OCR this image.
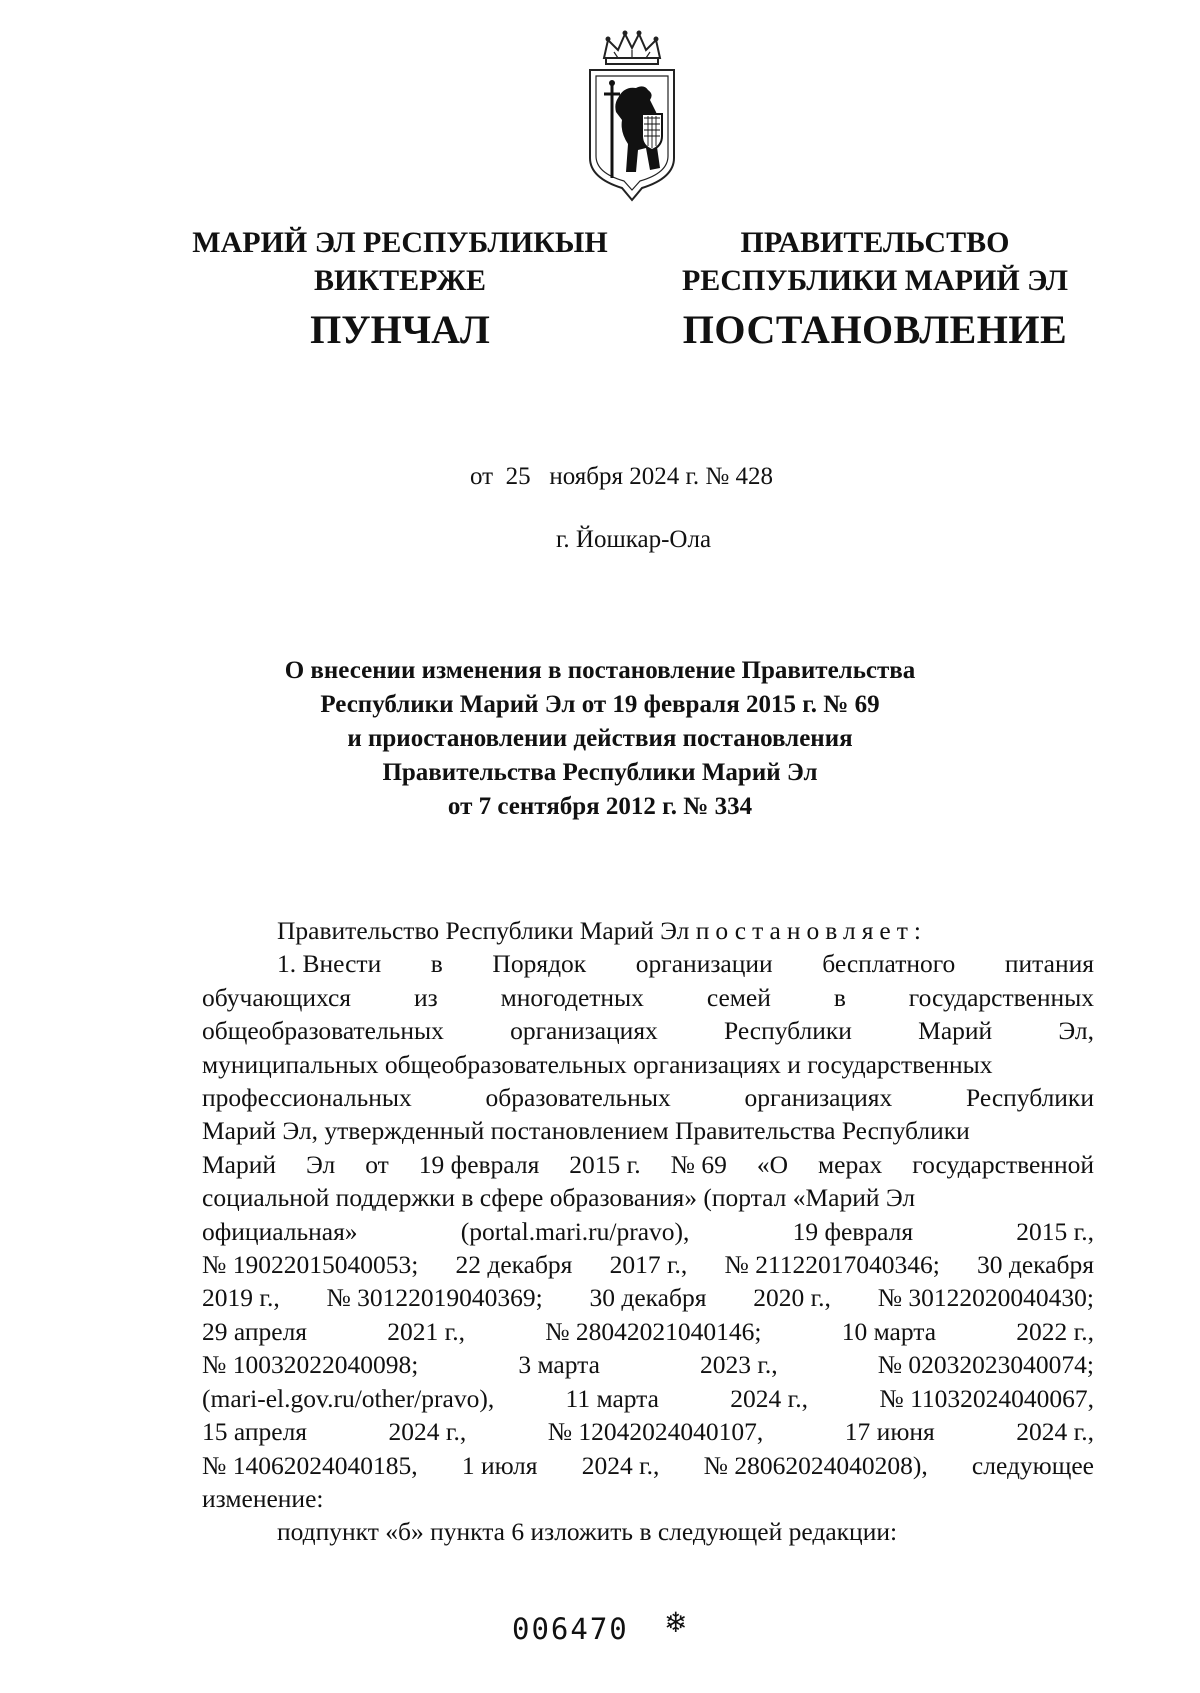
МАРИЙ ЭЛ РЕСПУБЛИКЫН
ВИКТЕРЖЕ
ПРАВИТЕЛЬСТВО
РЕСПУБЛИКИ МАРИЙ ЭЛ
ПУНЧАЛ	ПОСТАНОВЛЕНИЕ
от 25 ноября 2024 г. № 428
г. Йошкар-Ола
О внесении изменения в постановление Правительства
Республики Марий Эл от 19 февраля 2015 г. № 69
и приостановлении действия постановления
Правительства Республики Марий Эл
от 7 сентября 2012 г. № 334
Правительство Республики Марий Эл
постановляет:
1. Внести в Порядок организации бесплатного питания
обучающихся из многодетных семей в государственных
общеобразовательных	организациях	Республики	Марий	Эл,
муниципальных общеобразовательных организациях и государственных
профессиональных	образовательных	организациях	Республики
Марий Эл, утвержденный постановлением Правительства Республики
Марий Эл от 19 февраля 2015 г. № 69 «О мерах государственной
социальной поддержки в сфере образования» (портал «Марий Эл
официальная»	(portal.mari.ru/pravo),	19 февраля	2015 г.,
№ 19022015040053; 22 декабря 2017 г., № 21122017040346; 30 декабря
2019 г., № 30122019040369; 30 декабря 2020 г., № 30122020040430;
29 апреля	2021 г.,	№ 28042021040146;	10 марта	2022 г.,
№ 10032022040098;	3 марта	2023 г.,	№ 02032023040074;
(mari-el.gov.ru/other/pravo),	11 марта	2024 г.,	№ 11032024040067,
15 апреля	2024 г.,	№ 12042024040107,	17 июня	2024 г.,
№ 14062024040185, 1 июля 2024 г., № 28062024040208), следующее
изменение:
подпункт «б» пункта 6 изложить в следующей редакции:
006470 ❄
